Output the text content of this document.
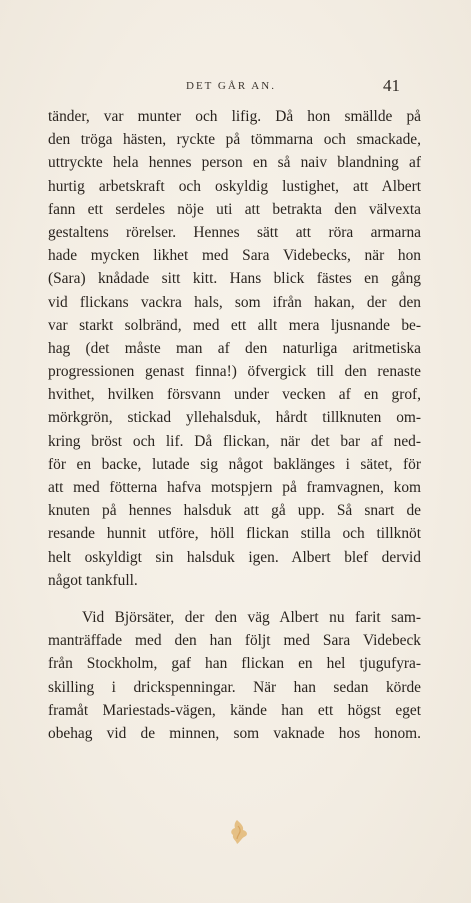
DET GÅR AN.	41
tänder, var munter och lifig. Då hon smällde på
den tröga hästen, ryckte på tömmarna och smackade,
uttryckte hela hennes person en så naiv blandning af
hurtig arbetskraft och oskyldig lustighet, att Albert
fann ett serdeles nöje uti att betrakta den välvexta
gestaltens rörelser. Hennes sätt att röra armarna
hade mycken likhet med Sara Videbecks, när hon
(Sara) knådade sitt kitt. Hans blick fästes en gång
vid flickans vackra hals, som ifrån hakan, der den
var starkt solbränd, med ett allt mera ljusnande be-
hag (det måste man af den naturliga aritmetiska
progressionen genast finna!) öfvergick till den renaste
hvithet, hvilken försvann under vecken af en grof,
mörkgrön, stickad yllehalsduk, hårdt tillknuten om-
kring bröst och lif. Då flickan, när det bar af ned-
för en backe, lutade sig något baklänges i sätet, för
att med fötterna hafva motspjern på framvagnen, kom
knuten på hennes halsduk att gå upp. Så snart de
resande hunnit utföre, höll flickan stilla och tillknöt
helt oskyldigt sin halsduk igen. Albert blef dervid
något tankfull.
Vid Björsäter, der den väg Albert nu farit sam-
manträffade med den han följt med Sara Videbeck
från Stockholm, gaf han flickan en hel tjugufyra-
skilling i drickspenningar. När han sedan körde
framåt Mariestads-vägen, kände han ett högst eget
obehag vid de minnen, som vaknade hos honom.
